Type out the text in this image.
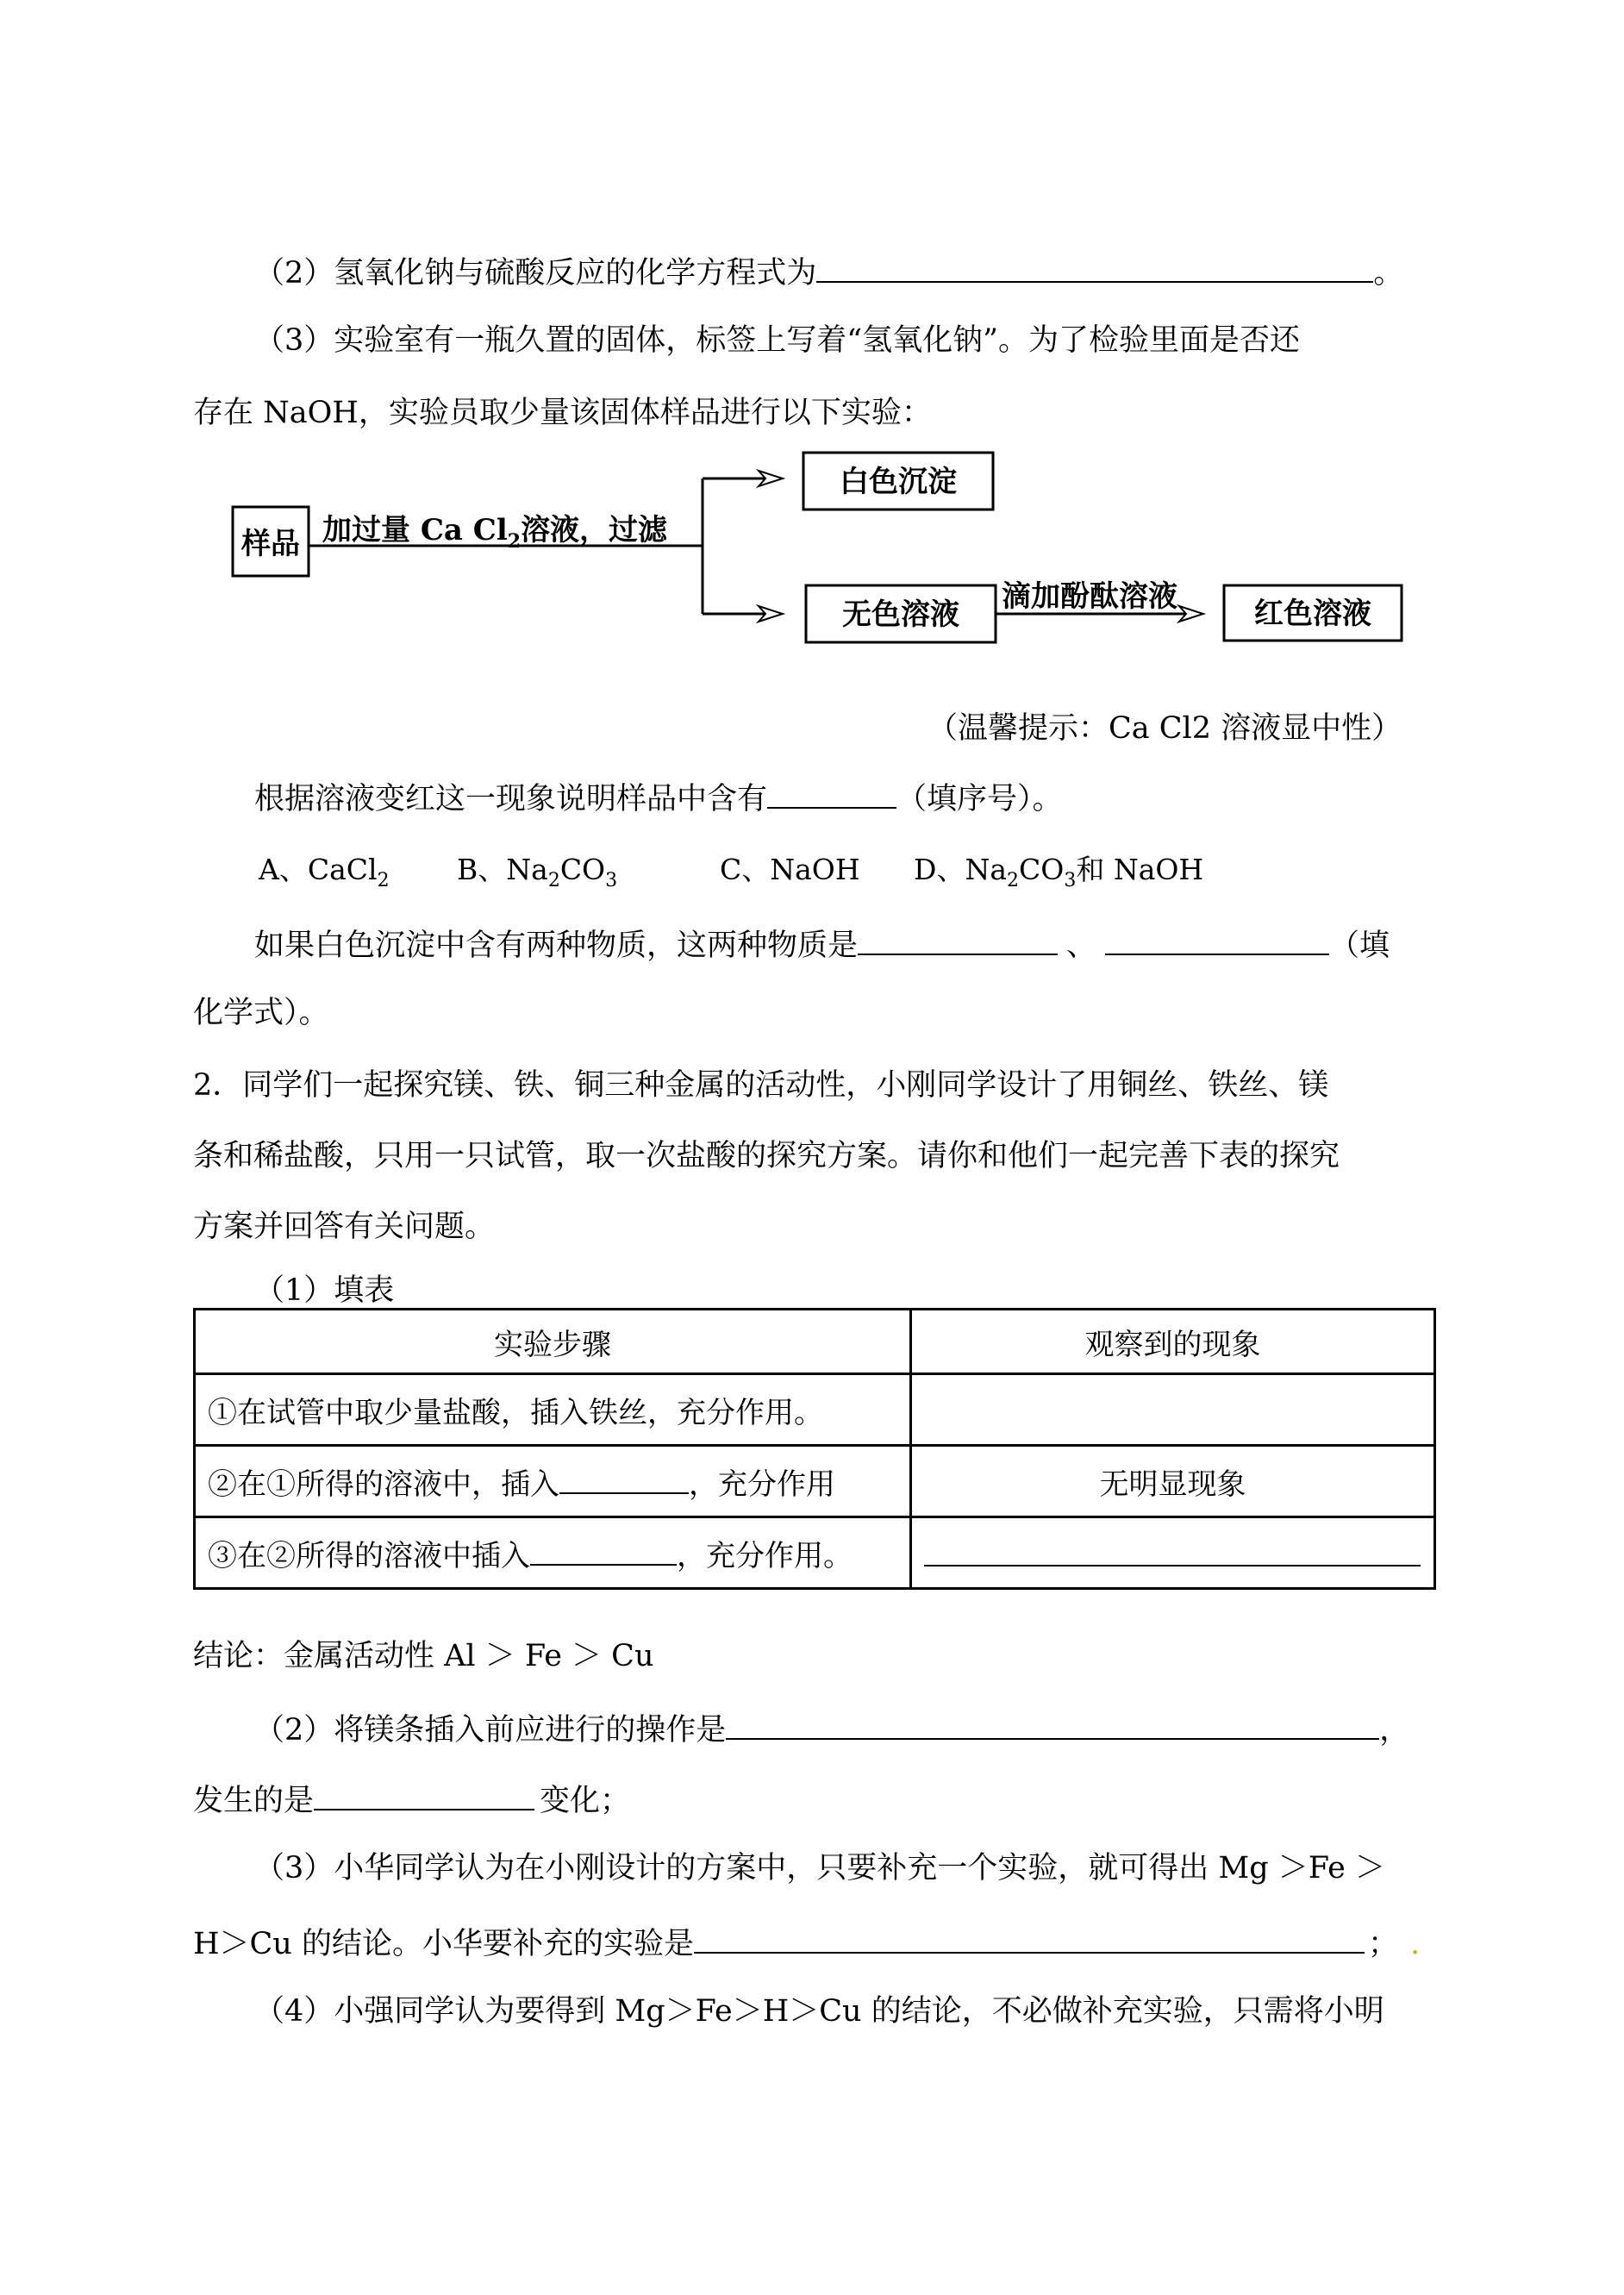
（2）氢氧化钠与硫酸反应的化学方程式为	。
（3）实验室有一瓶久置的固体，标签上写着“氢氧化钠”。为了检验里面是否还
存在 NaOH，实验员取少量该固体样品进行以下实验：
样品 加过量 Ca $Cl_2$溶液，过滤
白色沉淀
无色溶液
滴加酚酞溶液	红色溶液
（温馨提示：Ca Cl2 溶液显中性）
根据溶液变红这一现象说明样品中含有	（填序号）。
A、CaCl$_2$ B、$Na_2CO_3$	C、NaOH D、$Na_2CO_3$和 NaOH
如果白色沉淀中含有两种物质，这两种物质是	、	（填
化学式）。
2．同学们一起探究镁、铁、铜三种金属的活动性，小刚同学设计了用铜丝、铁丝、镁
条和稀盐酸，只用一只试管，取一次盐酸的探究方案。请你和他们一起完善下表的探究
方案并回答有关问题。
（1）填表
实验步骤	观察到的现象
①在试管中取少量盐酸，插入铁丝，充分作用。	
②在①所得的溶液中，插入 ，充分作用	无明显现象
③在②所得的溶液中插入 ，充分作用。	
结论：金属活动性 Al ＞ Fe ＞ Cu
（2）将镁条插入前应进行的操作是	，
发生的是	变化；
（3）小华同学认为在小刚设计的方案中，只要补充一个实验，就可得出 Mg ＞Fe ＞
H＞Cu 的结论。小华要补充的实验是	； .
（4）小强同学认为要得到 Mg＞Fe＞H＞Cu 的结论，不必做补充实验，只需将小明
